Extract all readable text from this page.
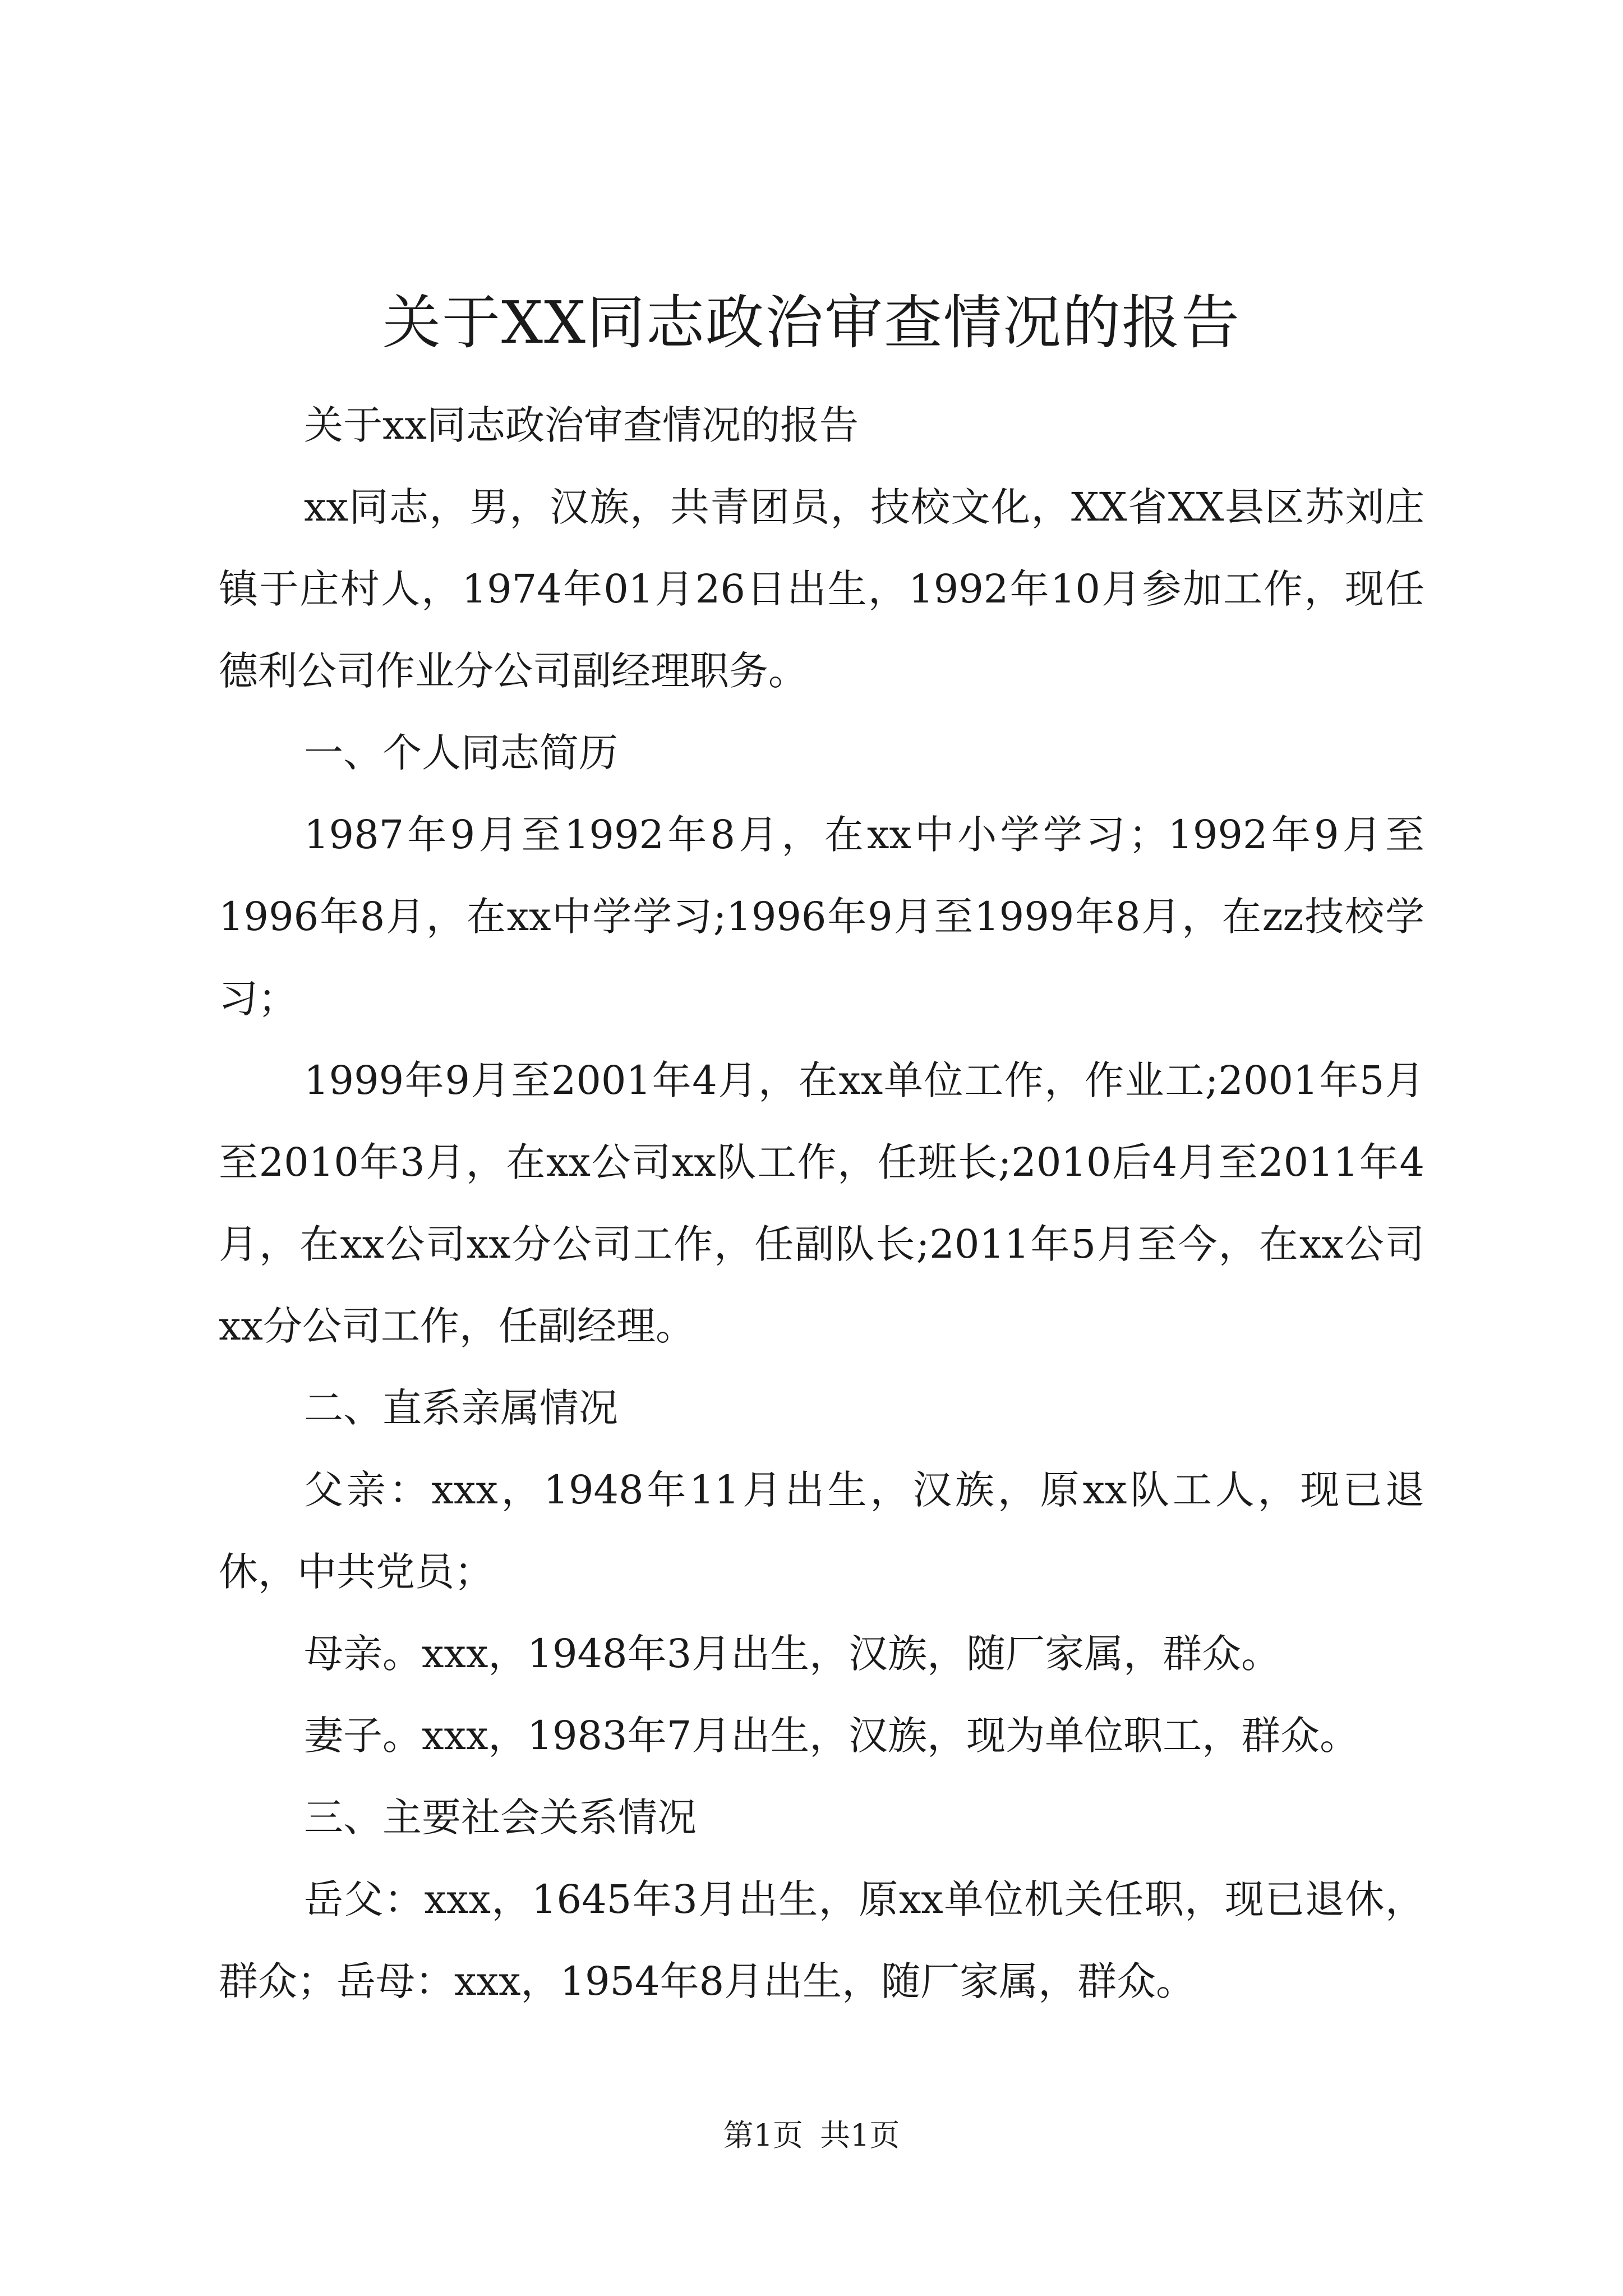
关于XX同志政治审查情况的报告

关于xx同志政治审查情况的报告

xx同志，男，汉族，共青团员，技校文化，XX省XX县区苏刘庄镇于庄村人，1974年01月26日出生，1992年10月参加工作，现任德利公司作业分公司副经理职务。

一、个人同志简历

1987年9月至1992年8月，在xx中小学学习；1992年9月至1996年8月，在xx中学学习;1996年9月至1999年8月，在zz技校学习；

1999年9月至2001年4月，在xx单位工作，作业工;2001年5月至2010年3月，在xx公司xx队工作，任班长;2010后4月至2011年4月，在xx公司xx分公司工作，任副队长;2011年5月至今，在xx公司xx分公司工作，任副经理。

二、直系亲属情况

父亲：xxx，1948年11月出生，汉族，原xx队工人，现已退休，中共党员；

母亲。xxx，1948年3月出生，汉族，随厂家属，群众。

妻子。xxx，1983年7月出生，汉族，现为单位职工，群众。

三、主要社会关系情况

岳父：xxx，1645年3月出生，原xx单位机关任职，现已退休，群众；岳母：xxx，1954年8月出生，随厂家属，群众。

第1页 共1页
